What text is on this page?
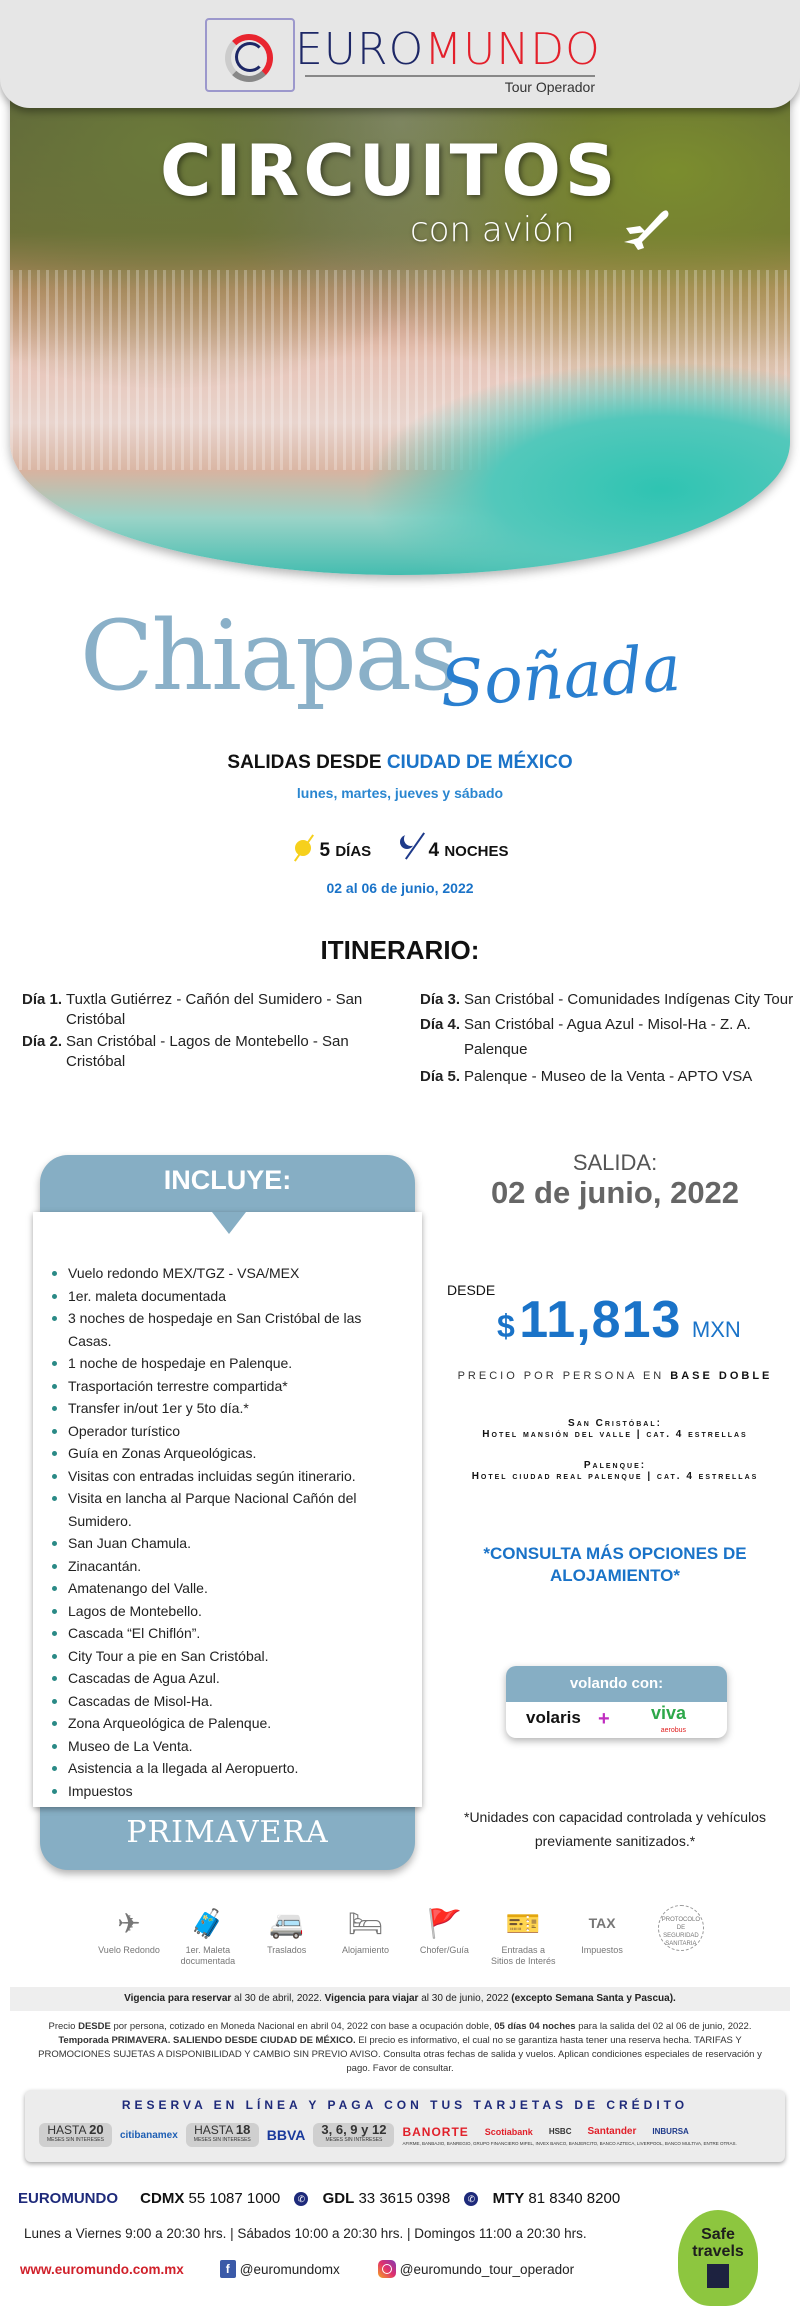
EUROMUNDO
Tour Operador
CIRCUITOS
con avión
Chiapas
Soñada
SALIDAS DESDE CIUDAD DE MÉXICO
lunes, martes, jueves y sábado
5 DÍAS	4 NOCHES
02 al 06 de junio, 2022
ITINERARIO:
Día 1. Tuxtla Gutiérrez - Cañón del Sumidero - San Cristóbal
Día 2. San Cristóbal - Lagos de Montebello - San Cristóbal
Día 3. San Cristóbal - Comunidades Indígenas City Tour
Día 4. San Cristóbal - Agua Azul - Misol-Ha - Z. A. Palenque
Día 5. Palenque - Museo de la Venta - APTO VSA
INCLUYE:
Vuelo redondo MEX/TGZ - VSA/MEX
1er. maleta documentada
3 noches de hospedaje en San Cristóbal de las Casas.
1 noche de hospedaje en Palenque.
Trasportación terrestre compartida*
Transfer in/out 1er y 5to día.*
Operador turístico
Guía en Zonas Arqueológicas.
Visitas con entradas incluidas según itinerario.
Visita en lancha al Parque Nacional Cañón del Sumidero.
San Juan Chamula.
Zinacantán.
Amatenango del Valle.
Lagos de Montebello.
Cascada “El Chiflón”.
City Tour a pie en San Cristóbal.
Cascadas de Agua Azul.
Cascadas de Misol-Ha.
Zona Arqueológica de Palenque.
Museo de La Venta.
Asistencia a la llegada al Aeropuerto.
Impuestos
PRIMAVERA
SALIDA:
02 de junio, 2022
DESDE
$ 11,813 MXN
PRECIO POR PERSONA EN BASE DOBLE
San Cristóbal:
Hotel mansión del valle | cat. 4 estrellas
Palenque:
Hotel ciudad real palenque | cat. 4 estrellas
*CONSULTA MÁS OPCIONES DE ALOJAMIENTO*
volando con:
volaris + viva
aerobus
*Unidades con capacidad controlada y vehículos previamente sanitizados.*
✈
Vuelo Redondo
🧳
1er. Maleta documentada
🚐
Traslados
🛏
Alojamiento
🚩
Chofer/Guía
🎫
Entradas a Sitios de Interés
TAX
Impuestos
PROTOCOLO DE SEGURIDAD SANITARIA
Vigencia para reservar al 30 de abril, 2022. Vigencia para viajar al 30 de junio, 2022 (excepto Semana Santa y Pascua).
Precio DESDE por persona, cotizado en Moneda Nacional en abril 04, 2022 con base a ocupación doble, 05 días 04 noches para la salida del 02 al 06 de junio, 2022. Temporada PRIMAVERA. SALIENDO DESDE CIUDAD DE MÉXICO. El precio es informativo, el cual no se garantiza hasta tener una reserva hecha. TARIFAS Y PROMOCIONES SUJETAS A DISPONIBILIDAD Y CAMBIO SIN PREVIO AVISO. Consulta otras fechas de salida y vuelos. Aplican condiciones especiales de reservación y pago. Favor de consultar.
RESERVA EN LÍNEA Y PAGA CON TUS TARJETAS DE CRÉDITO
HASTA 20
MESES SIN INTERESES citibanamex HASTA 18
MESES SIN INTERESES BBVA 3, 6, 9 y 12
MESES SIN INTERESES
BANORTE Scotiabank HSBC Santander INBURSA
AFIRME, BANBAJIO, BANREGIO, GRUPO FINANCIERO MIFEL, INVEX BANCO, BANJERCITO, BANCO AZTECA, LIVERPOOL, BANCO MULTIVA, ENTRE OTRAS.
EUROMUNDO CDMX 55 1087 1000 ✆ GDL 33 3615 0398 ✆ MTY 81 8340 8200
Lunes a Viernes 9:00 a 20:30 hrs. | Sábados 10:00 a 20:30 hrs. | Domingos 11:00 a 20:30 hrs.
www.euromundo.com.mx	f @euromundomx	@euromundo_tour_operador
Safe
travels
